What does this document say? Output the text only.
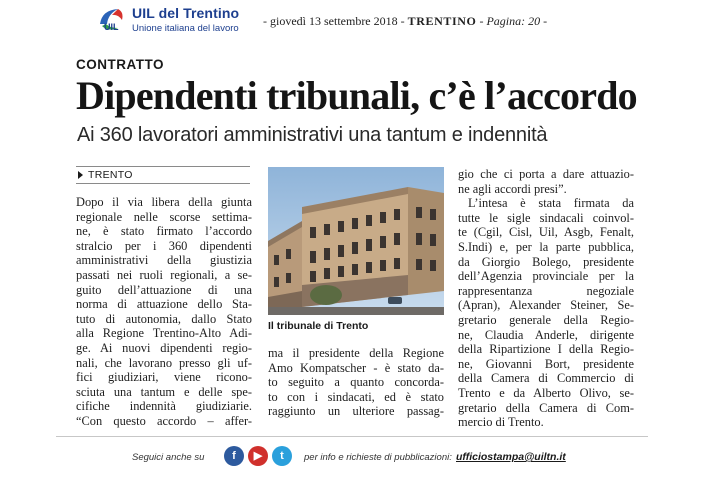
UIL
UIL del Trentino
Unione italiana del lavoro
- giovedì 13 settembre 2018 - TRENTINO - Pagina: 20 -
CONTRATTO
Dipendenti tribunali, c’è l’accordo
Ai 360 lavoratori amministrativi una tantum e indennità
TRENTO
Dopo il via libera della giunta
regionale nelle scorse settima-
ne, è stato firmato l’accordo
stralcio per i 360 dipendenti
amministrativi della giustizia
passati nei ruoli regionali, a se-
guito dell’attuazione di una
norma di attuazione dello Sta-
tuto di autonomia, dallo Stato
alla Regione Trentino-Alto Adi-
ge. Ai nuovi dipendenti regio-
nali, che lavorano presso gli uf-
fici giudiziari, viene ricono-
sciuta una tantum e delle spe-
cifiche indennità giudiziarie.
“Con questo accordo – affer-
Il tribunale di Trento
ma il presidente della Regione
Amo Kompatscher - è stato da-
to seguito a quanto concorda-
to con i sindacati, ed è stato
raggiunto un ulteriore passag-
gio che ci porta a dare attuazio-
ne agli accordi presi”.
L’intesa è stata firmata da
tutte le sigle sindacali coinvol-
te (Cgil, Cisl, Uil, Asgb, Fenalt,
S.Indi) e, per la parte pubblica,
da Giorgio Bolego, presidente
dell’Agenzia provinciale per la
rappresentanza negoziale
(Apran), Alexander Steiner, Se-
gretario generale della Regio-
ne, Claudia Anderle, dirigente
della Ripartizione I della Regio-
ne, Giovanni Bort, presidente
della Camera di Commercio di
Trento e da Alberto Olivo, se-
gretario della Camera di Com-
mercio di Trento.
Seguici anche su	f	▶	t	per info e richieste di pubblicazioni: ufficiostampa@uiltn.it
